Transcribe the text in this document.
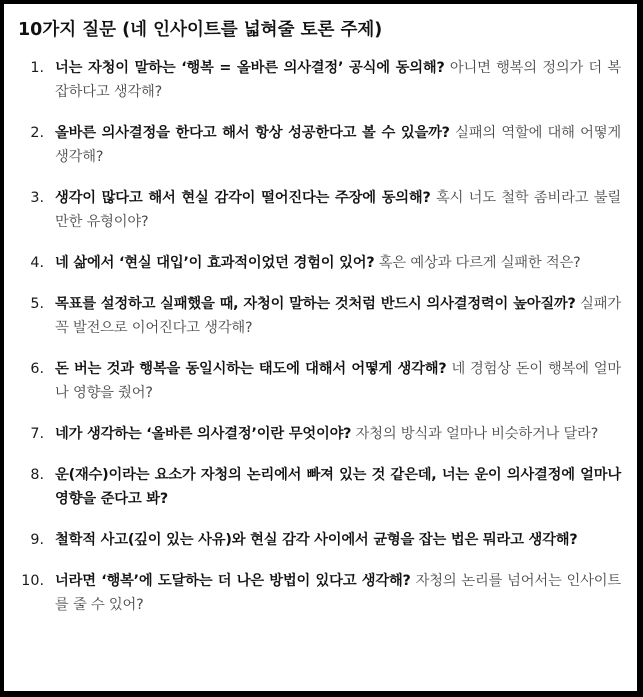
10가지 질문 (네 인사이트를 넓혀줄 토론 주제)
1. 너는 자청이 말하는 ‘행복 = 올바른 의사결정’ 공식에 동의해? 아니면 행복의 정의가 더 복잡하다고 생각해?
2. 올바른 의사결정을 한다고 해서 항상 성공한다고 볼 수 있을까? 실패의 역할에 대해 어떻게 생각해?
3. 생각이 많다고 해서 현실 감각이 떨어진다는 주장에 동의해? 혹시 너도 철학 좀비라고 불릴 만한 유형이야?
4. 네 삶에서 ‘현실 대입’이 효과적이었던 경험이 있어? 혹은 예상과 다르게 실패한 적은?
5. 목표를 설정하고 실패했을 때, 자청이 말하는 것처럼 반드시 의사결정력이 높아질까? 실패가 꼭 발전으로 이어진다고 생각해?
6. 돈 버는 것과 행복을 동일시하는 태도에 대해서 어떻게 생각해? 네 경험상 돈이 행복에 얼마나 영향을 줬어?
7. 네가 생각하는 ‘올바른 의사결정’이란 무엇이야? 자청의 방식과 얼마나 비슷하거나 달라?
8. 운(재수)이라는 요소가 자청의 논리에서 빠져 있는 것 같은데, 너는 운이 의사결정에 얼마나 영향을 준다고 봐?
9. 철학적 사고(깊이 있는 사유)와 현실 감각 사이에서 균형을 잡는 법은 뭐라고 생각해?
10. 너라면 ‘행복’에 도달하는 더 나은 방법이 있다고 생각해? 자청의 논리를 넘어서는 인사이트를 줄 수 있어?
